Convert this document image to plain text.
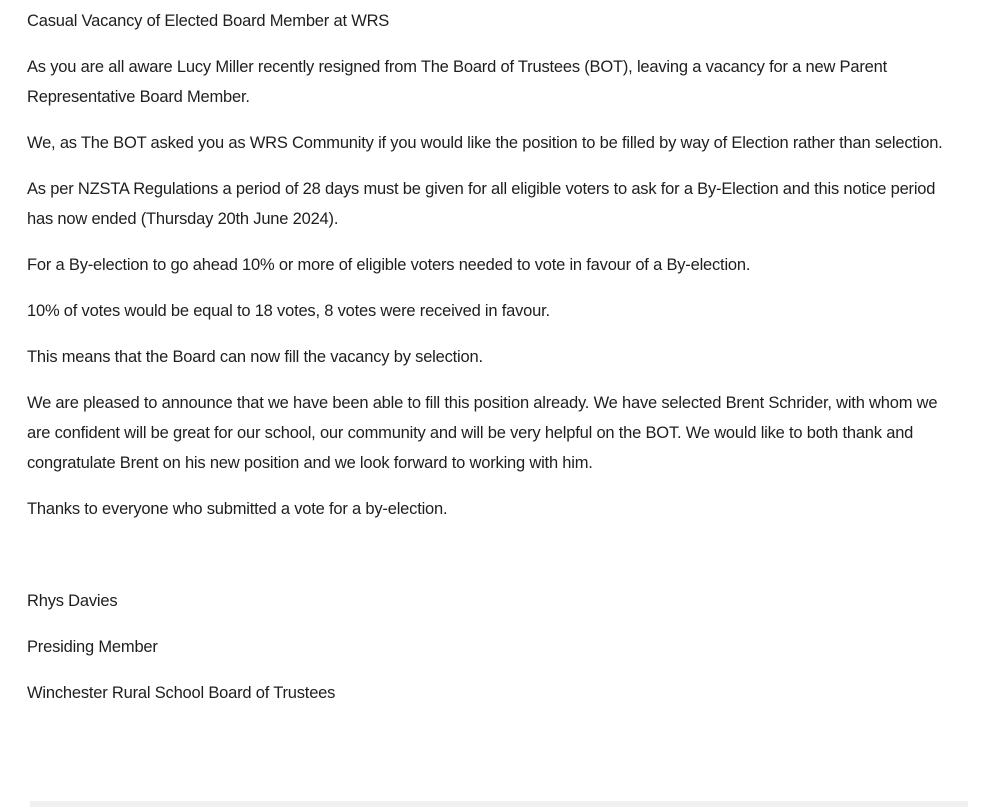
Casual Vacancy of Elected Board Member at WRS

As you are all aware Lucy Miller recently resigned from The Board of Trustees (BOT), leaving a vacancy for a new Parent Representative Board Member.

We, as The BOT asked you as WRS Community if you would like the position to be filled by way of Election rather than selection.

As per NZSTA Regulations a period of 28 days must be given for all eligible voters to ask for a By-Election and this notice period has now ended (Thursday 20th June 2024).

For a By-election to go ahead 10% or more of eligible voters needed to vote in favour of a By-election.

10% of votes would be equal to 18 votes, 8 votes were received in favour.

This means that the Board can now fill the vacancy by selection.

We are pleased to announce that we have been able to fill this position already. We have selected Brent Schrider, with whom we are confident will be great for our school, our community and will be very helpful on the BOT. We would like to both thank and congratulate Brent on his new position and we look forward to working with him.

Thanks to everyone who submitted a vote for a by-election.

Rhys Davies

Presiding Member

Winchester Rural School Board of Trustees
